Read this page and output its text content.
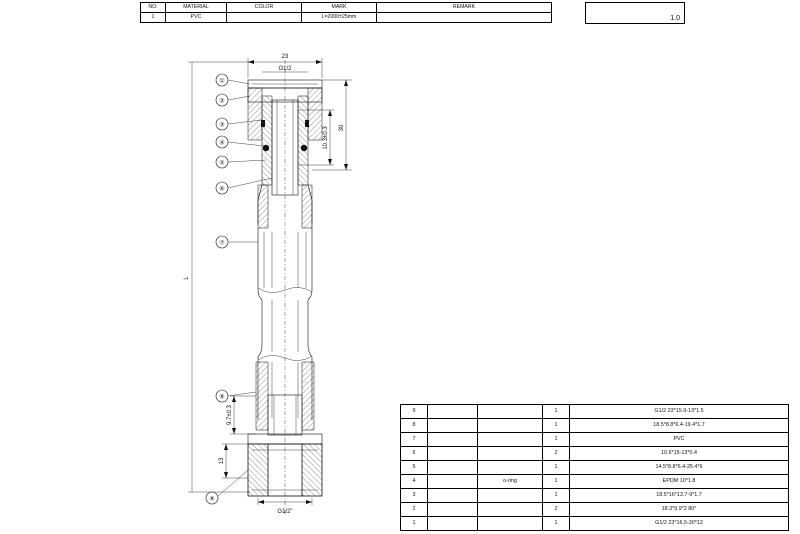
NO.	MATERIAL	COLOR	MARK	REMARK
1	PVC		L=2000±25mm		1.0
9			1	G1/2 23*15.9-13*1.5
8			1	18.5*8.8*6.4-19.4*1.7
7			1	PVC
6			2	10.6*15-13*0.4
5			1	14.5*8.8*6.4-25.4*6
4		o-ring	1	EPDM 10*1.8
3			1	18.5*16*13.7-9*1.7
2			2	18.3*9.9*2 80°
1			1	G1/2 23*16.5-30*12
23
G1/2
30
10.3±0.3
9.7±0.3
13
L
G1/2"
①
②
③
④
⑤
⑥
⑦
⑧
⑨
